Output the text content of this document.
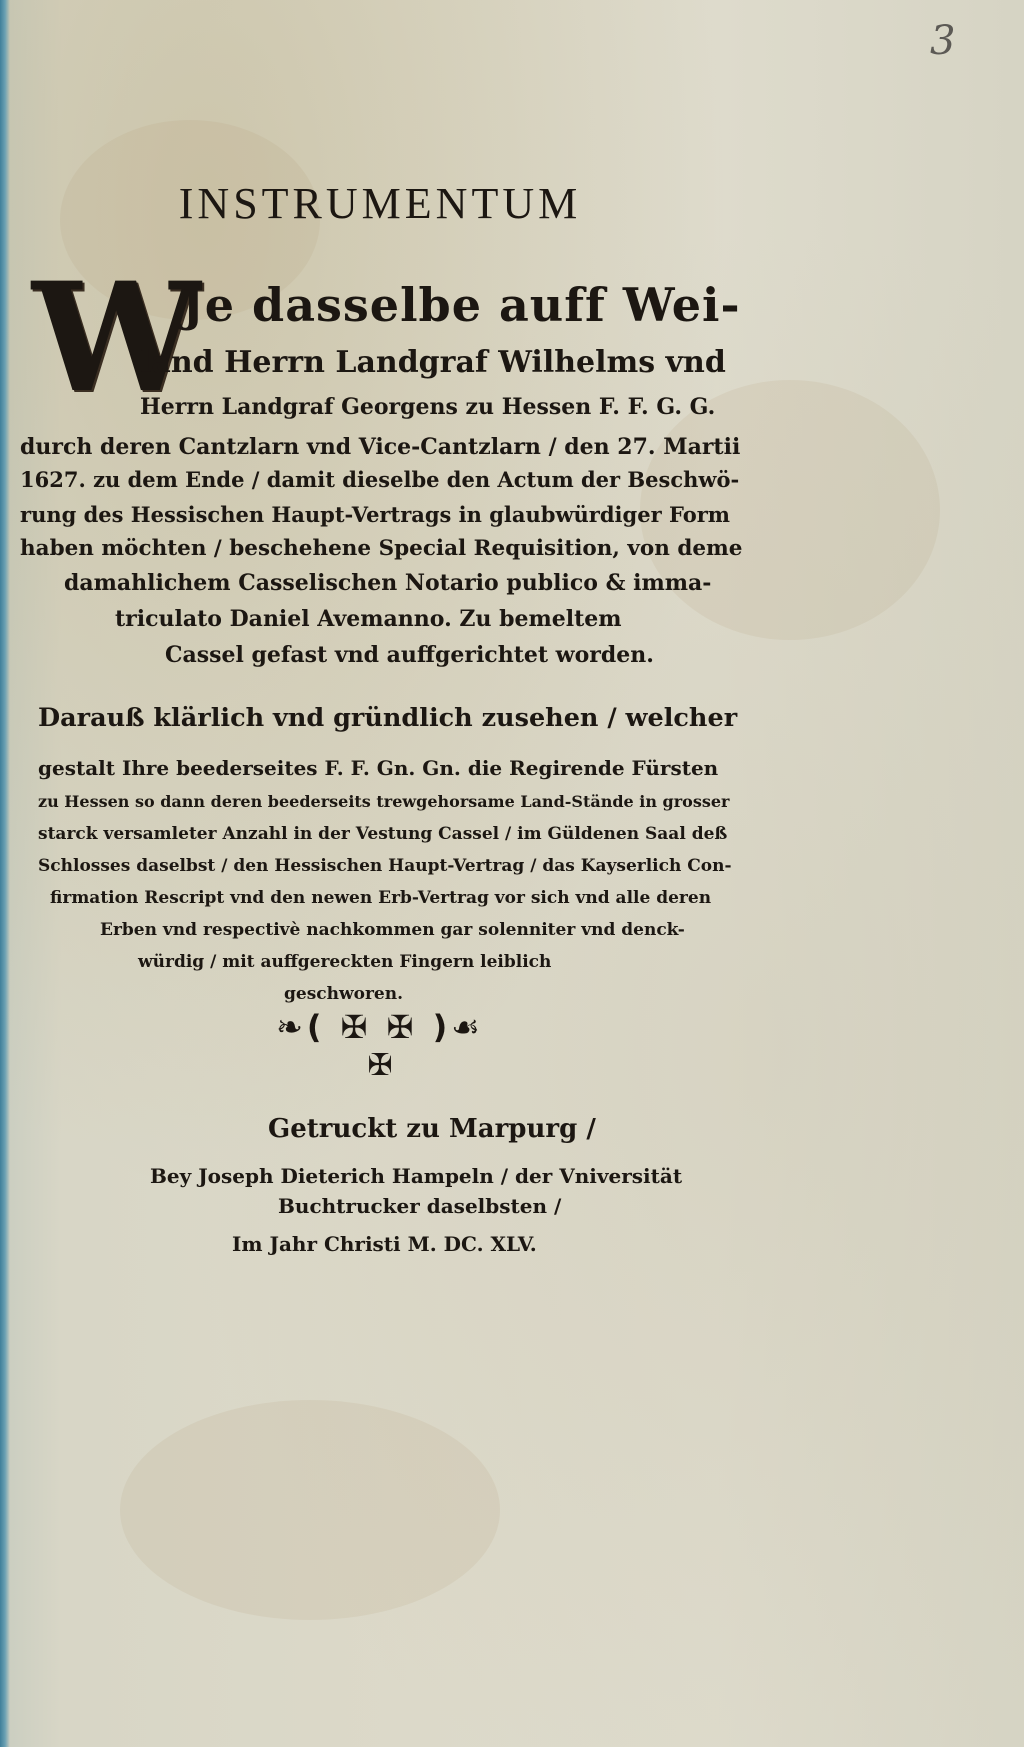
3
INSTRUMENTUM
W
Je dasselbe auff Wei-
land Herrn Landgraf Wilhelms vnd
Herrn Landgraf Georgens zu Hessen F. F. G. G.
durch deren Cantzlarn vnd Vice-Cantzlarn / den 27. Martii
1627. zu dem Ende / damit dieselbe den Actum der Beschwö-
rung des Hessischen Haupt-Vertrags in glaubwürdiger Form
haben möchten / beschehene Special Requisition, von deme
damahlichem Casselischen Notario publico & imma-
triculato Daniel Avemanno. Zu bemeltem
Cassel gefast vnd auffgerichtet worden.
Darauß klärlich vnd gründlich zusehen / welcher
gestalt Ihre beederseites F. F. Gn. Gn. die Regirende Fürsten
zu Hessen so dann deren beederseits trewgehorsame Land-Stände in grosser
starck versamleter Anzahl in der Vestung Cassel / im Güldenen Saal deß
Schlosses daselbst / den Hessischen Haupt-Vertrag / das Kayserlich Con-
firmation Rescript vnd den newen Erb-Vertrag vor sich vnd alle deren
Erben vnd respectivè nachkommen gar solenniter vnd denck-
würdig / mit auffgereckten Fingern leiblich
geschworen.
❧( ✠ ✠ )☙
✠
Getruckt zu Marpurg /
Bey Joseph Dieterich Hampeln / der Vniversität
Buchtrucker daselbsten /
Im Jahr Christi M. DC. XLV.
